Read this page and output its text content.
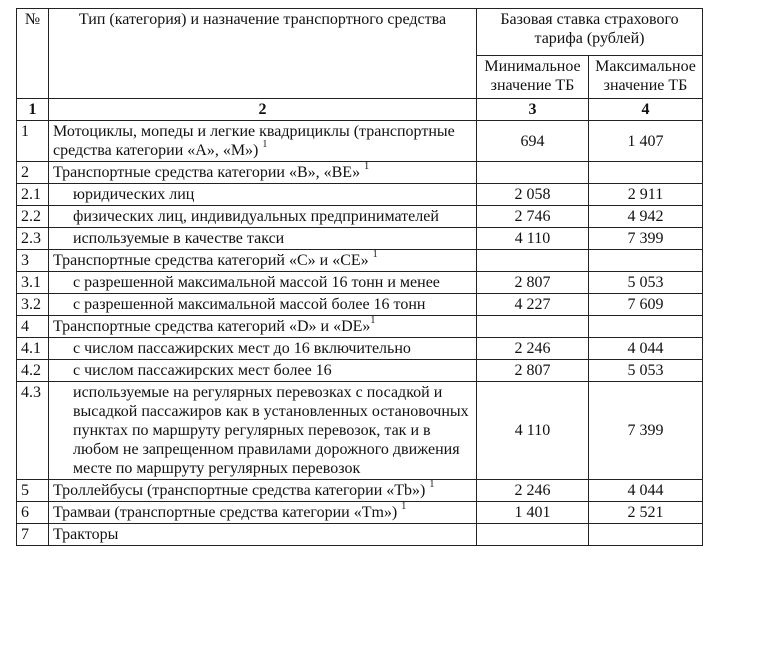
№	Тип (категория) и назначение транспортного средства	Базовая ставка страхового тарифа (рублей)	
		Минимальное значение ТБ	Максимальное значение ТБ
1	2	3	4
1	Мотоциклы, мопеды и легкие квадрициклы (транспортные средства категории «А», «М») $^1$	694	1 407
2	Транспортные средства категории «В», «ВЕ» $^1$		
2.1	юридических лиц	2 058	2 911
2.2	физических лиц, индивидуальных предпринимателей	2 746	4 942
2.3	используемые в качестве такси	4 110	7 399
3	Транспортные средства категорий «С» и «СЕ» $^1$		
3.1	с разрешенной максимальной массой 16 тонн и менее	2 807	5 053
3.2	с разрешенной максимальной массой более 16 тонн	4 227	7 609
4	Транспортные средства категорий «D» и «DE»$^1$		
4.1	с числом пассажирских мест до 16 включительно	2 246	4 044
4.2	с числом пассажирских мест более 16	2 807	5 053
4.3	используемые на регулярных перевозках с посадкой и высадкой пассажиров как в установленных остановочных пунктах по маршруту регулярных перевозок, так и в любом не запрещенном правилами дорожного движения месте по маршруту регулярных перевозок	4 110	7 399
5	Троллейбусы (транспортные средства категории «Tb») $^1$	2 246	4 044
6	Трамваи (транспортные средства категории «Tm») $^1$	1 401	2 521
7	Тракторы		
